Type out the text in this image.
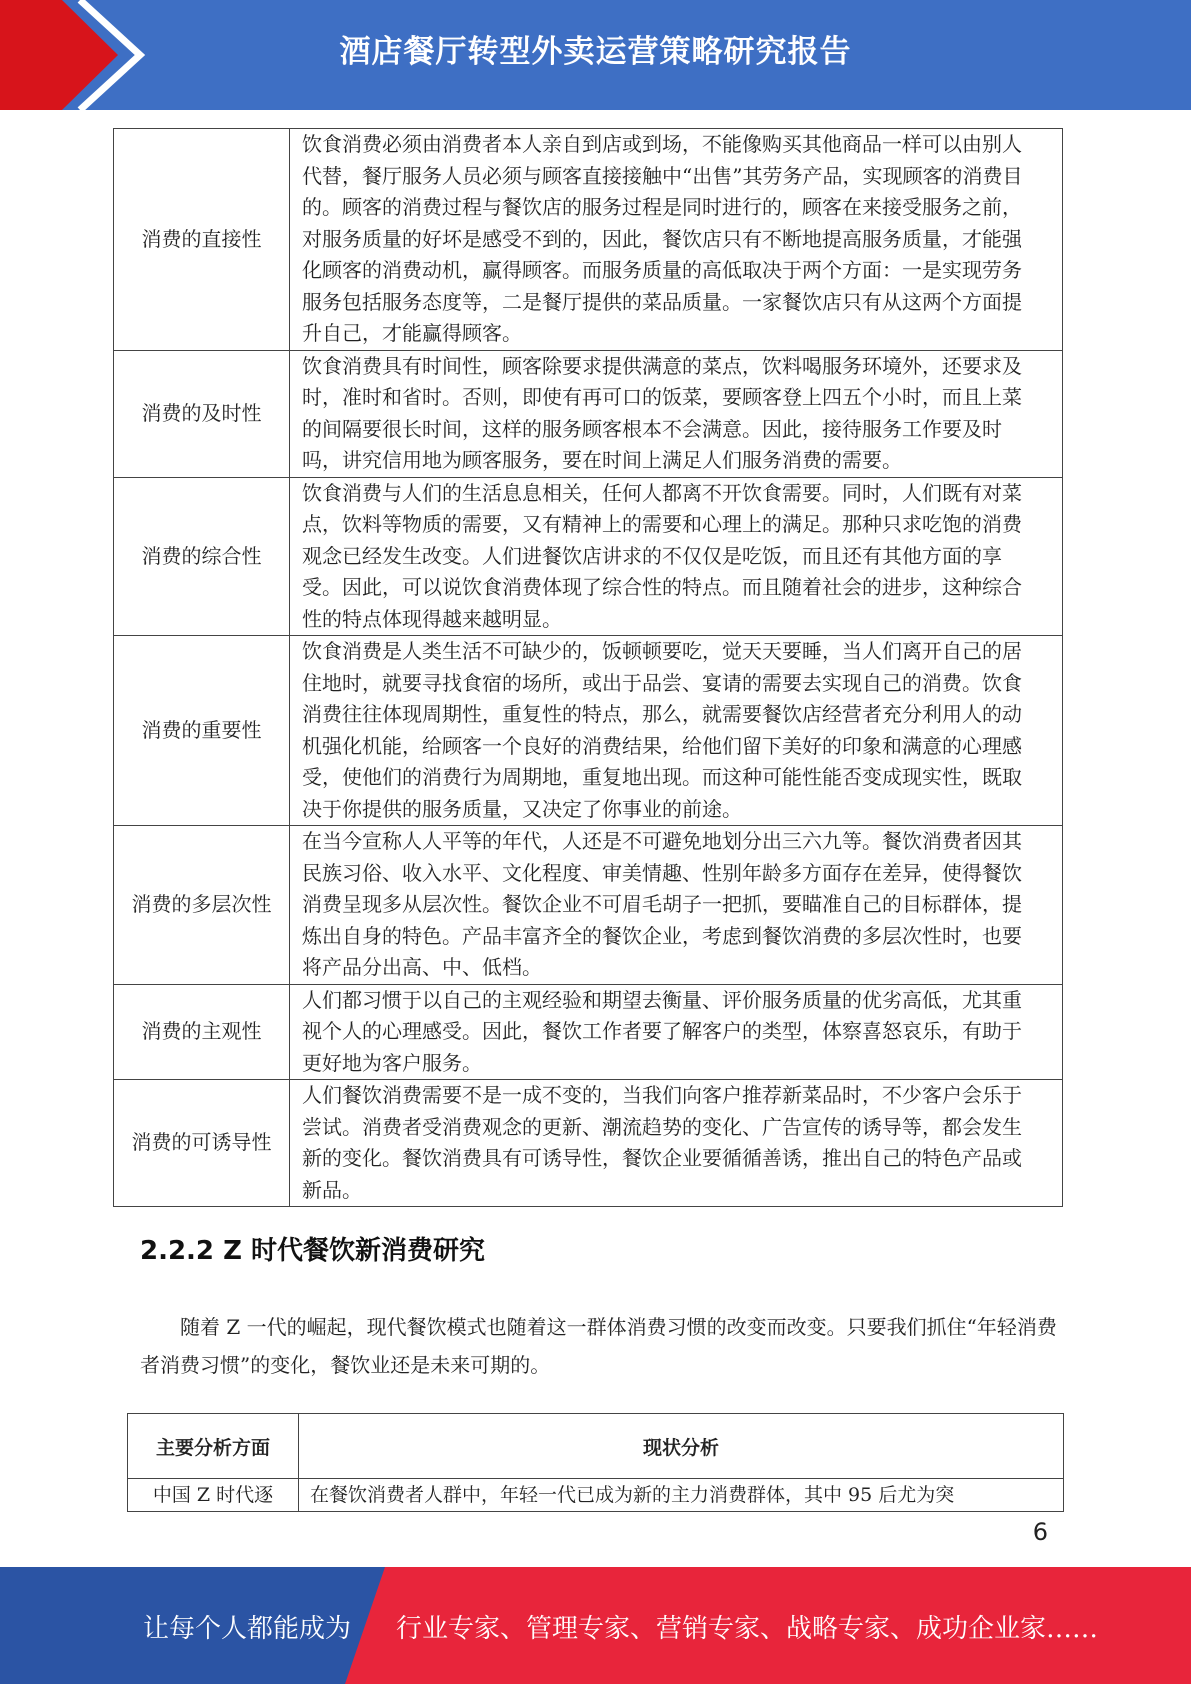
酒店餐厅转型外卖运营策略研究报告
消费的直接性	饮食消费必须由消费者本人亲自到店或到场，不能像购买其他商品一样可以由别人代替，餐厅服务人员必须与顾客直接接触中“出售”其劳务产品，实现顾客的消费目的。顾客的消费过程与餐饮店的服务过程是同时进行的，顾客在来接受服务之前，对服务质量的好坏是感受不到的，因此，餐饮店只有不断地提高服务质量，才能强化顾客的消费动机，赢得顾客。而服务质量的高低取决于两个方面：一是实现劳务服务包括服务态度等，二是餐厅提供的菜品质量。一家餐饮店只有从这两个方面提升自己，才能赢得顾客。
消费的及时性	饮食消费具有时间性，顾客除要求提供满意的菜点，饮料喝服务环境外，还要求及时，准时和省时。否则，即使有再可口的饭菜，要顾客登上四五个小时，而且上菜的间隔要很长时间，这样的服务顾客根本不会满意。因此，接待服务工作要及时吗，讲究信用地为顾客服务，要在时间上满足人们服务消费的需要。
消费的综合性	饮食消费与人们的生活息息相关，任何人都离不开饮食需要。同时，人们既有对菜点，饮料等物质的需要，又有精神上的需要和心理上的满足。那种只求吃饱的消费观念已经发生改变。人们进餐饮店讲求的不仅仅是吃饭，而且还有其他方面的享受。因此，可以说饮食消费体现了综合性的特点。而且随着社会的进步，这种综合性的特点体现得越来越明显。
消费的重要性	饮食消费是人类生活不可缺少的，饭顿顿要吃，觉天天要睡，当人们离开自己的居住地时，就要寻找食宿的场所，或出于品尝、宴请的需要去实现自己的消费。饮食消费往往体现周期性，重复性的特点，那么，就需要餐饮店经营者充分利用人的动机强化机能，给顾客一个良好的消费结果，给他们留下美好的印象和满意的心理感受，使他们的消费行为周期地，重复地出现。而这种可能性能否变成现实性，既取决于你提供的服务质量，又决定了你事业的前途。
消费的多层次性	在当今宣称人人平等的年代，人还是不可避免地划分出三六九等。餐饮消费者因其民族习俗、收入水平、文化程度、审美情趣、性别年龄多方面存在差异，使得餐饮消费呈现多从层次性。餐饮企业不可眉毛胡子一把抓，要瞄准自己的目标群体，提炼出自身的特色。产品丰富齐全的餐饮企业，考虑到餐饮消费的多层次性时，也要将产品分出高、中、低档。
消费的主观性	人们都习惯于以自己的主观经验和期望去衡量、评价服务质量的优劣高低，尤其重视个人的心理感受。因此，餐饮工作者要了解客户的类型，体察喜怒哀乐，有助于更好地为客户服务。
消费的可诱导性	人们餐饮消费需要不是一成不变的，当我们向客户推荐新菜品时，不少客户会乐于尝试。消费者受消费观念的更新、潮流趋势的变化、广告宣传的诱导等，都会发生新的变化。餐饮消费具有可诱导性，餐饮企业要循循善诱，推出自己的特色产品或新品。
2.2.2 Z 时代餐饮新消费研究

随着 Z 一代的崛起，现代餐饮模式也随着这一群体消费习惯的改变而改变。只要我们抓住“年轻消费者消费习惯”的变化，餐饮业还是未来可期的。

主要分析方面	现状分析
中国 Z 时代逐	在餐饮消费者人群中，年轻一代已成为新的主力消费群体，其中 95 后尤为突
6
让每个人都能成为 行业专家、管理专家、营销专家、战略专家、成功企业家……
